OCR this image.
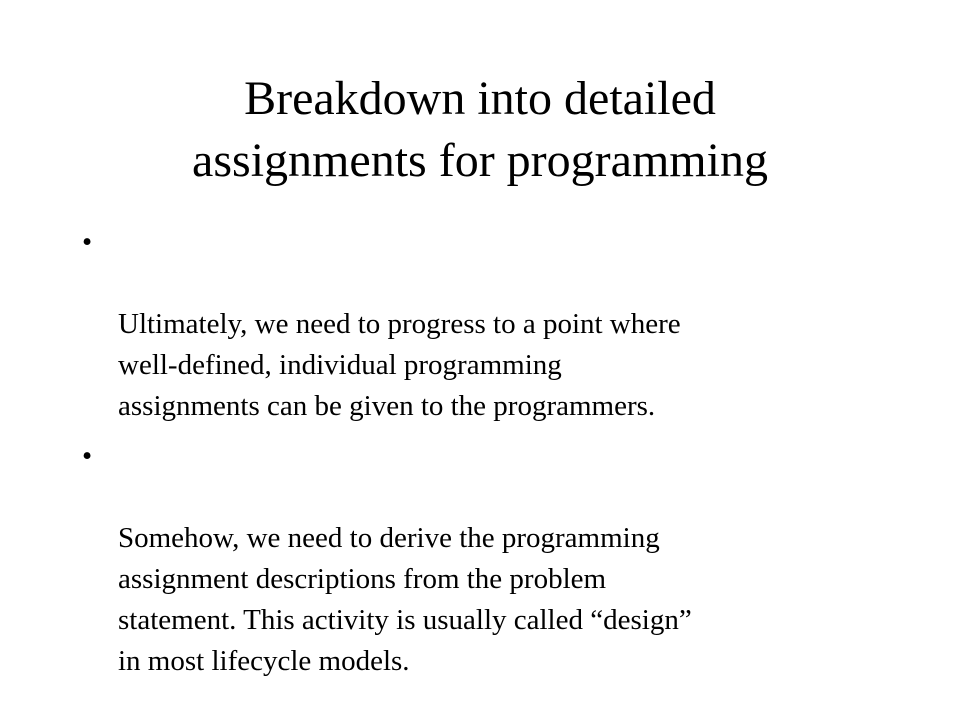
Breakdown into detailed
assignments for programming

•

Ultimately, we need to progress to a point where
well-defined, individual programming
assignments can be given to the programmers.

•

Somehow, we need to derive the programming
assignment descriptions from the problem
statement. This activity is usually called “design”
in most lifecycle models.
